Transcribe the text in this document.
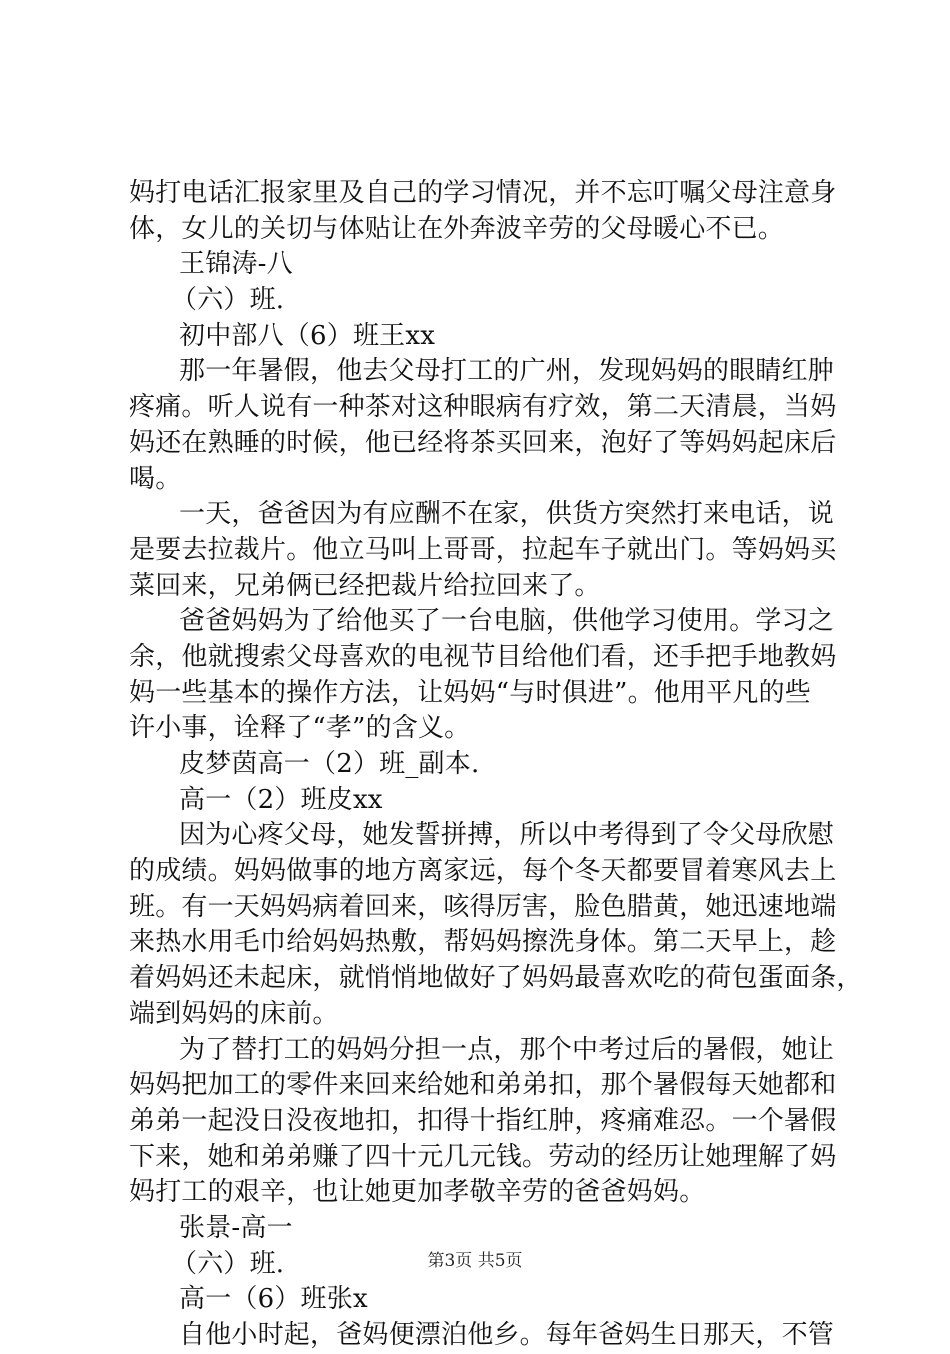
妈打电话汇报家里及自己的学习情况，并不忘叮嘱父母注意身
体，女儿的关切与体贴让在外奔波辛劳的父母暖心不已。
王锦涛-八
（六）班.
初中部八（6）班王xx
那一年暑假，他去父母打工的广州，发现妈妈的眼睛红肿
疼痛。听人说有一种茶对这种眼病有疗效，第二天清晨，当妈
妈还在熟睡的时候，他已经将茶买回来，泡好了等妈妈起床后
喝。
一天，爸爸因为有应酬不在家，供货方突然打来电话，说
是要去拉裁片。他立马叫上哥哥，拉起车子就出门。等妈妈买
菜回来，兄弟俩已经把裁片给拉回来了。
爸爸妈妈为了给他买了一台电脑，供他学习使用。学习之
余，他就搜索父母喜欢的电视节目给他们看，还手把手地教妈
妈一些基本的操作方法，让妈妈“与时俱进”。他用平凡的些
许小事，诠释了“孝”的含义。
皮梦茵高一（2）班_副本.
高一（2）班皮xx
因为心疼父母，她发誓拼搏，所以中考得到了令父母欣慰
的成绩。妈妈做事的地方离家远，每个冬天都要冒着寒风去上
班。有一天妈妈病着回来，咳得厉害，脸色腊黄，她迅速地端
来热水用毛巾给妈妈热敷，帮妈妈擦洗身体。第二天早上，趁
着妈妈还未起床，就悄悄地做好了妈妈最喜欢吃的荷包蛋面条，
端到妈妈的床前。
为了替打工的妈妈分担一点，那个中考过后的暑假，她让
妈妈把加工的零件来回来给她和弟弟扣，那个暑假每天她都和
弟弟一起没日没夜地扣，扣得十指红肿，疼痛难忍。一个暑假
下来，她和弟弟赚了四十元几元钱。劳动的经历让她理解了妈
妈打工的艰辛，也让她更加孝敬辛劳的爸爸妈妈。
张景-高一
（六）班.
高一（6）班张x
自他小时起，爸妈便漂泊他乡。每年爸妈生日那天，不管
第3页 共5页
